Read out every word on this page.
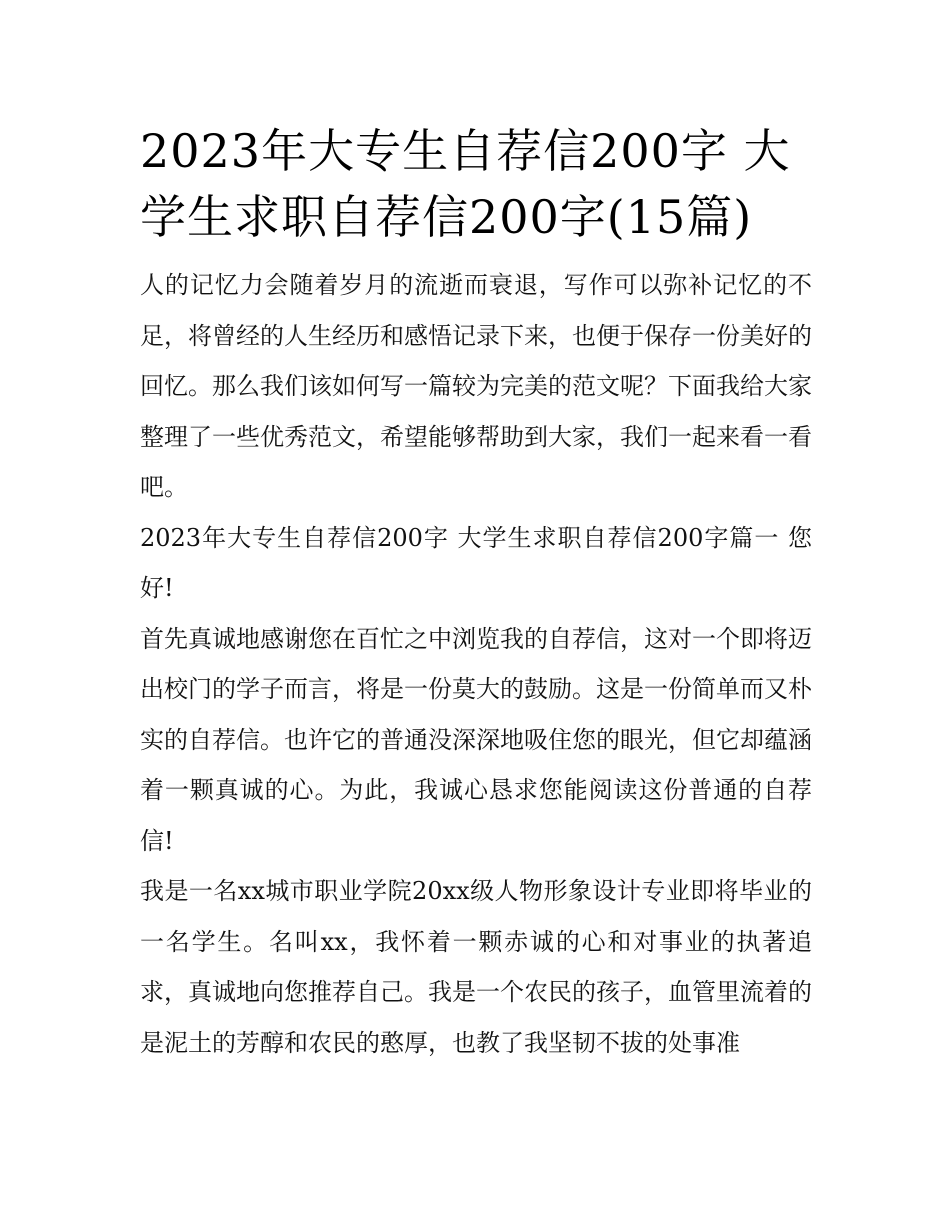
2023年大专生自荐信200字 大学生求职自荐信200字(15篇)

人的记忆力会随着岁月的流逝而衰退，写作可以弥补记忆的不足，将曾经的人生经历和感悟记录下来，也便于保存一份美好的回忆。那么我们该如何写一篇较为完美的范文呢？下面我给大家整理了一些优秀范文，希望能够帮助到大家，我们一起来看一看吧。

2023年大专生自荐信200字 大学生求职自荐信200字篇一 您好!

首先真诚地感谢您在百忙之中浏览我的自荐信，这对一个即将迈出校门的学子而言，将是一份莫大的鼓励。这是一份简单而又朴实的自荐信。也许它的普通没深深地吸住您的眼光，但它却蕴涵着一颗真诚的心。为此，我诚心恳求您能阅读这份普通的自荐信!

我是一名xx城市职业学院20xx级人物形象设计专业即将毕业的一名学生。名叫xx，我怀着一颗赤诚的心和对事业的执著追求，真诚地向您推荐自己。我是一个农民的孩子，血管里流着的是泥土的芳醇和农民的憨厚，也教了我坚韧不拔的处事准
